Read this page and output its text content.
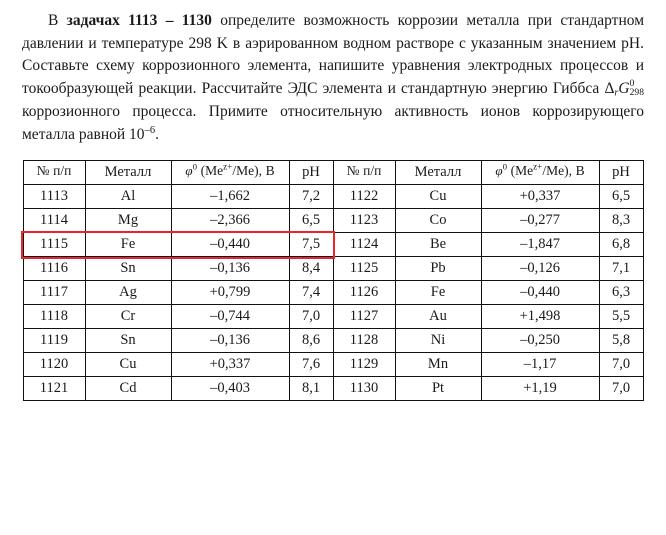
В задачах 1113 – 1130 определите возможность коррозии металла при стандартном давлении и температуре 298 K в аэрированном водном растворе с указанным значением pH. Составьте схему коррозионного элемента, напишите уравнения электродных процессов и токообразующей реакции. Рассчитайте ЭДС элемента и стандартную энергию Гиббса ΔrG 0
298
коррозионного процесса. Примите относительную активность ионов коррозирующего металла равной $10^{-6}$.

№ п/п	Металл	$\varphi^0$ $(Me^{z+}/Me)$, В	pH	№ п/п	Металл	$\varphi^0$ $(Me^{z+}/Me)$, В	pH
1113	Al	–1,662	7,2	1122	Cu	+0,337	6,5
1114	Mg	–2,366	6,5	1123	Co	–0,277	8,3
1115	Fe	–0,440	7,5	1124	Be	–1,847	6,8
1116	Sn	–0,136	8,4	1125	Pb	–0,126	7,1
1117	Ag	+0,799	7,4	1126	Fe	–0,440	6,3
1118	Cr	–0,744	7,0	1127	Au	+1,498	5,5
1119	Sn	–0,136	8,6	1128	Ni	–0,250	5,8
1120	Cu	+0,337	7,6	1129	Mn	–1,17	7,0
1121	Cd	–0,403	8,1	1130	Pt	+1,19	7,0
